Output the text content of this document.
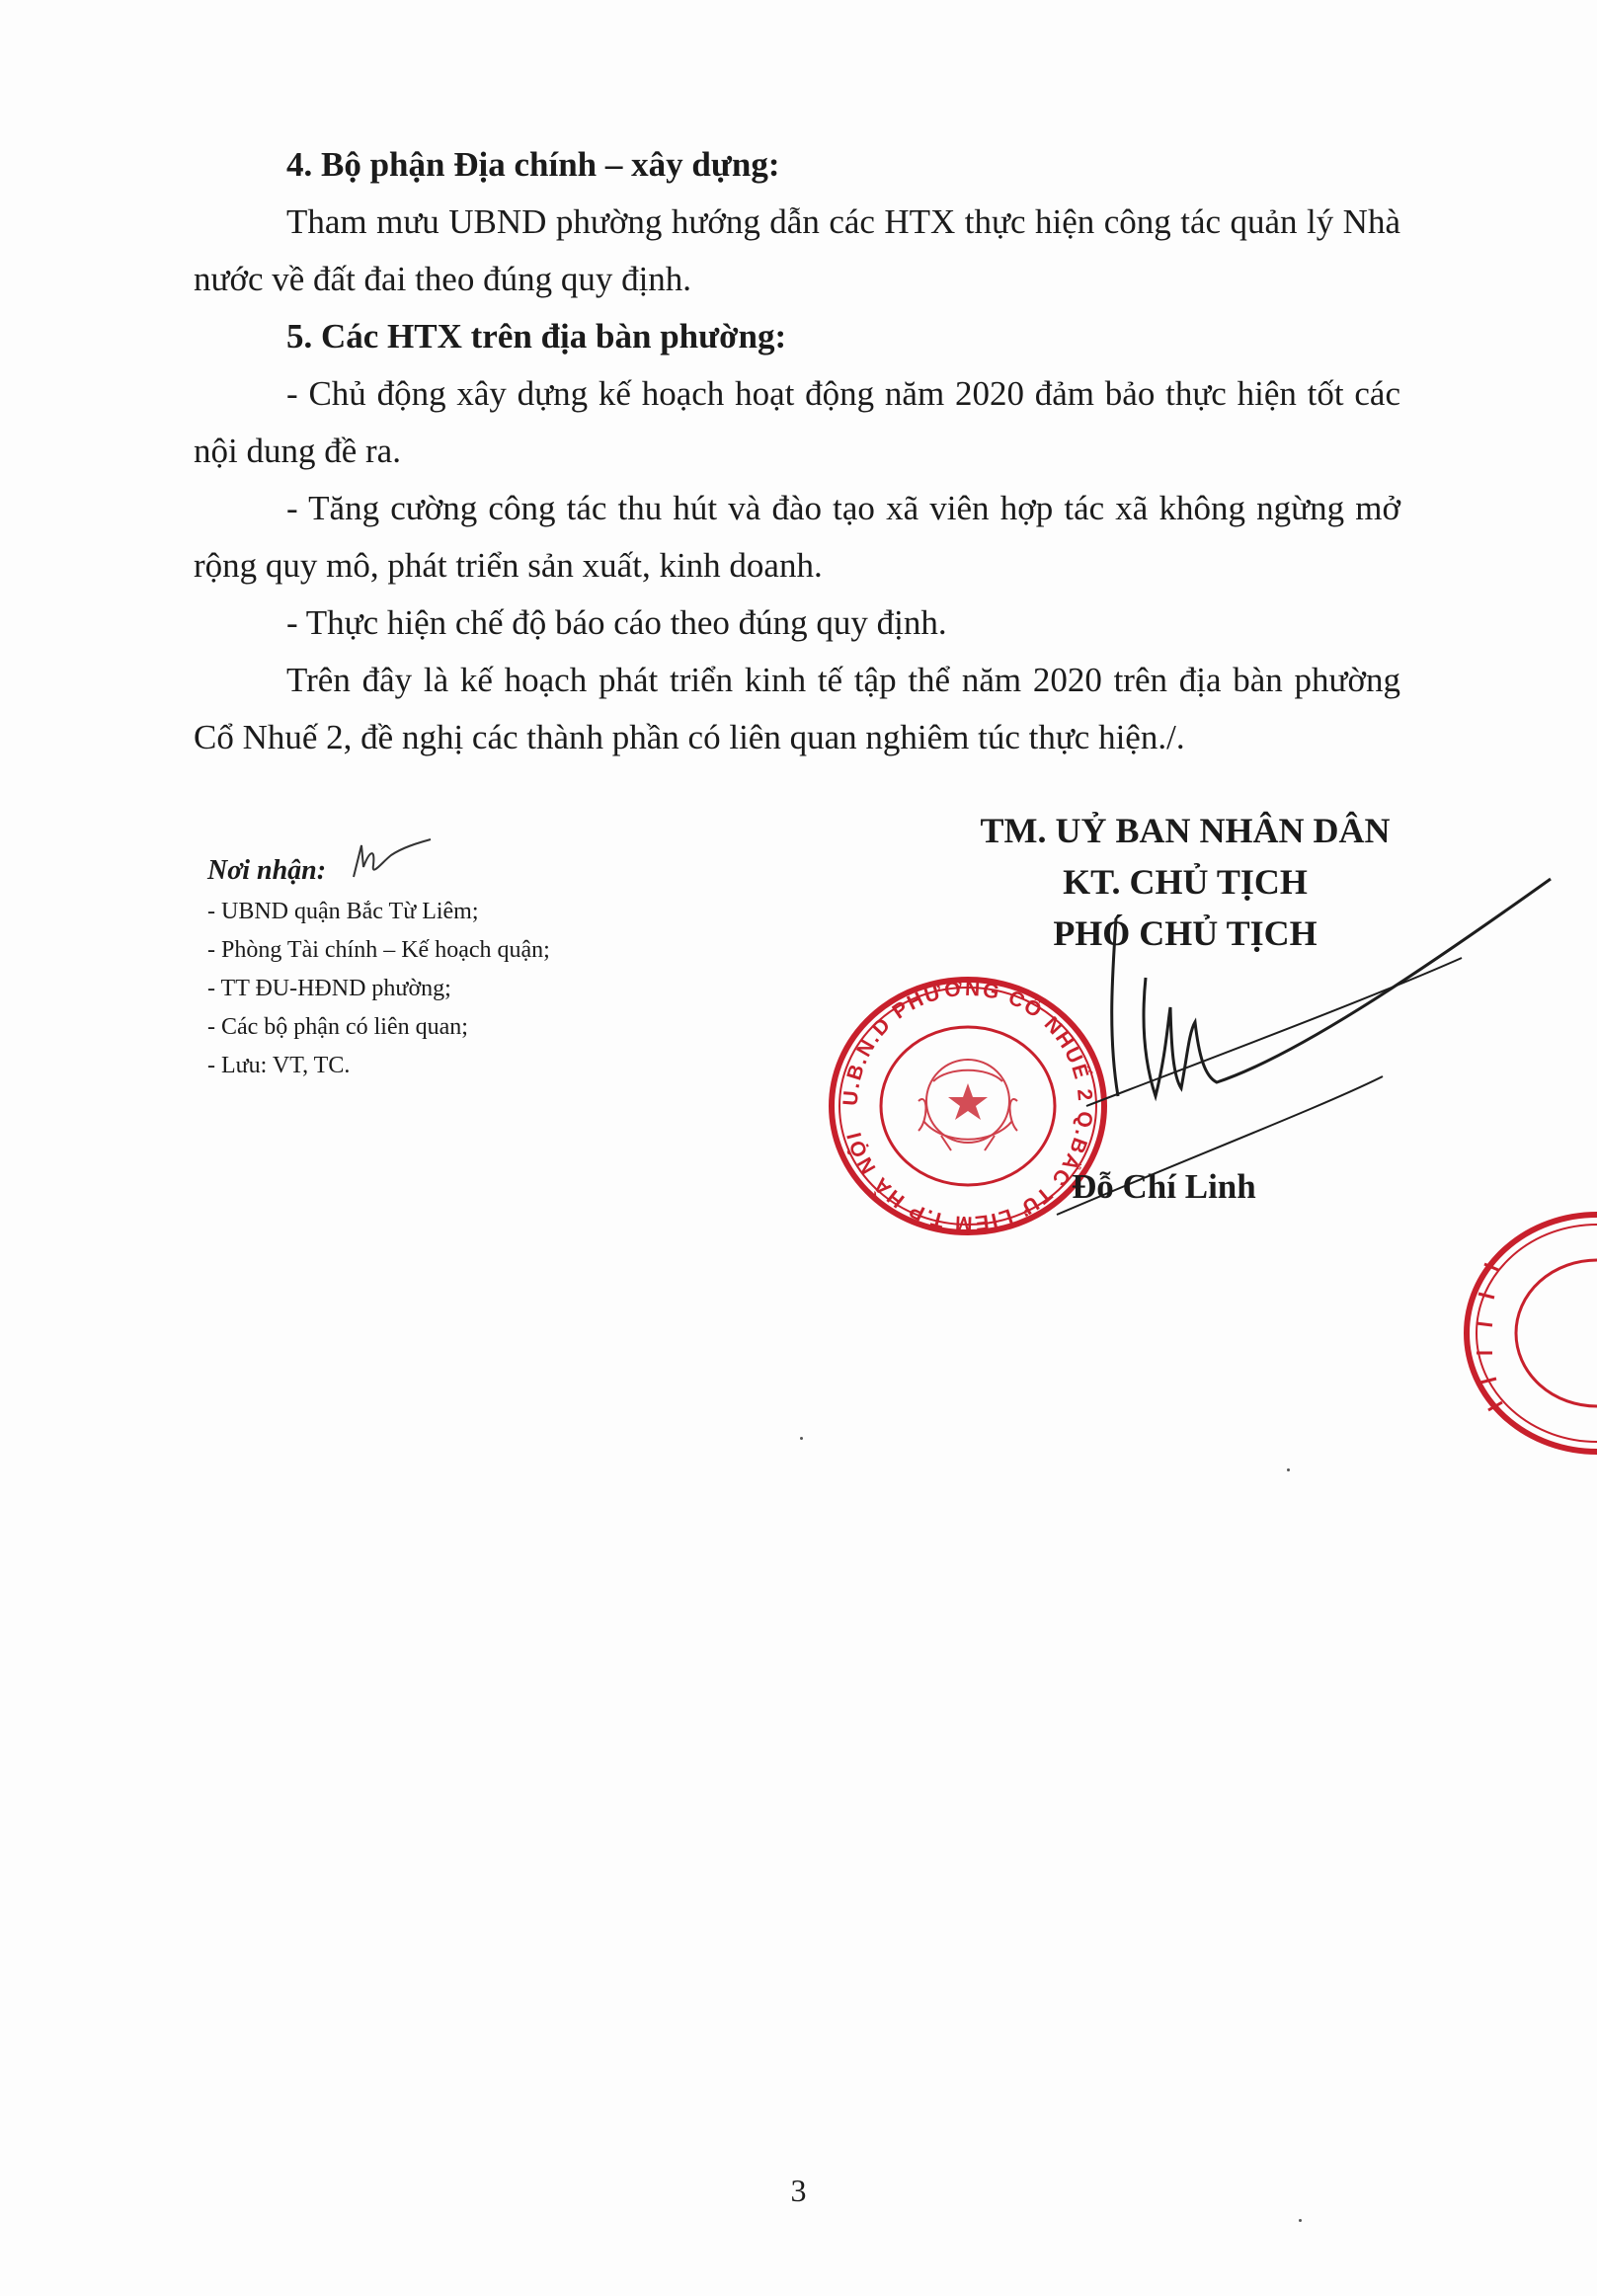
4. Bộ phận Địa chính – xây dựng:

Tham mưu UBND phường hướng dẫn các HTX thực hiện công tác quản lý Nhà nước về đất đai theo đúng quy định.

5. Các HTX trên địa bàn phường:

- Chủ động xây dựng kế hoạch hoạt động năm 2020 đảm bảo thực hiện tốt các nội dung đề ra.

- Tăng cường công tác thu hút và đào tạo xã viên hợp tác xã không ngừng mở rộng quy mô, phát triển sản xuất, kinh doanh.

- Thực hiện chế độ báo cáo theo đúng quy định.

Trên đây là kế hoạch phát triển kinh tế tập thể năm 2020 trên địa bàn phường Cổ Nhuế 2, đề nghị các thành phần có liên quan nghiêm túc thực hiện./.

Nơi nhận:
- UBND quận Bắc Từ Liêm;
- Phòng Tài chính – Kế hoạch quận;
- TT ĐU-HĐND phường;
- Các bộ phận có liên quan;
- Lưu: VT, TC.
TM. UỶ BAN NHÂN DÂN
KT. CHỦ TỊCH
PHÓ CHỦ TỊCH
U.B.N.D PHƯỜNG CỔ NHUẾ 2 Q.BẮC TỪ LIÊM T.P HÀ NỘI
Đỗ Chí Linh
3
